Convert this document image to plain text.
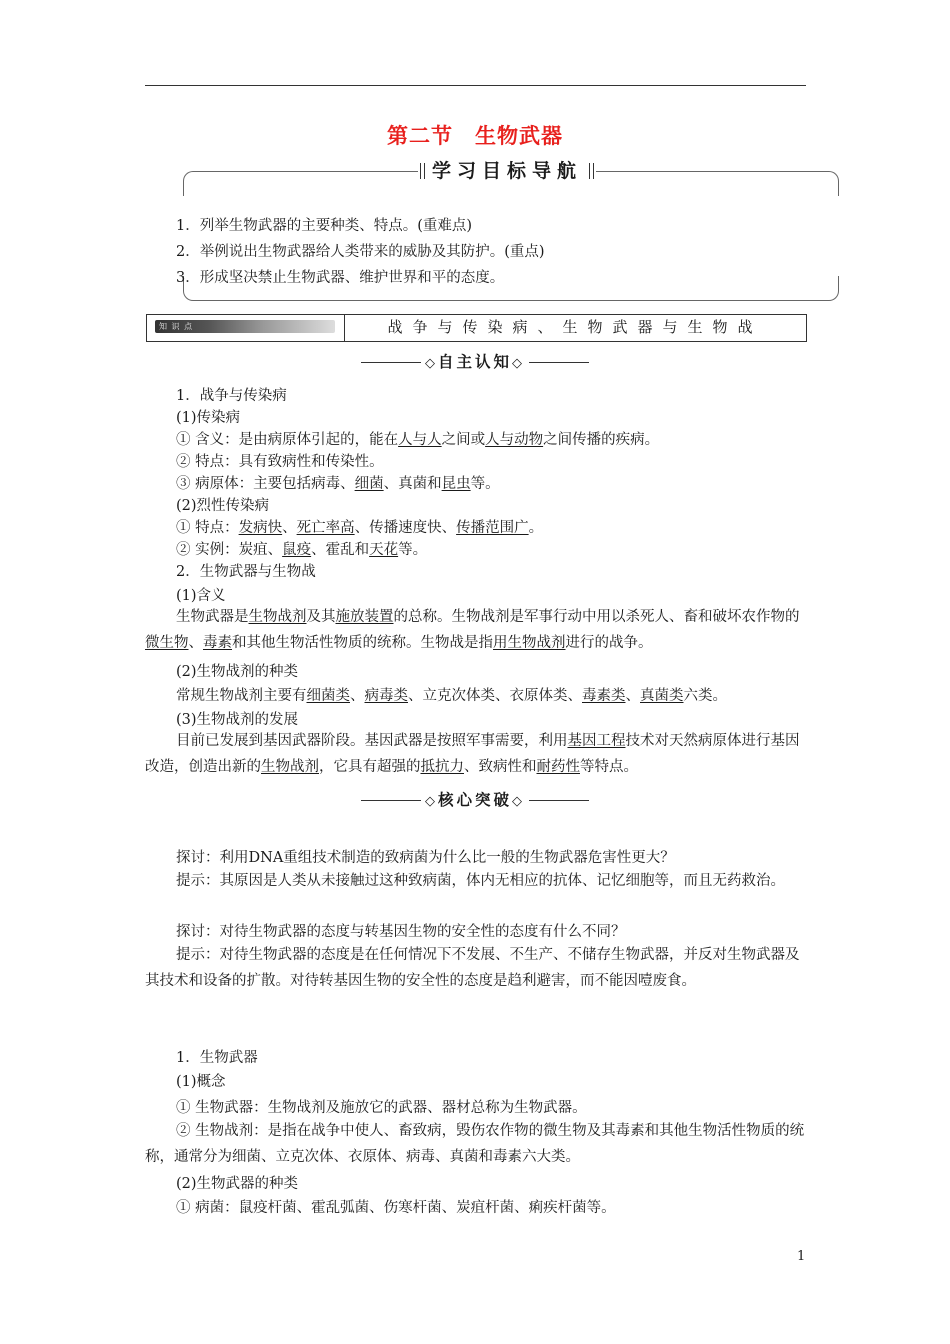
第二节　生物武器
学习目标导航
1．列举生物武器的主要种类、特点。(重难点)
2．举例说出生物武器给人类带来的威胁及其防护。(重点)
3．形成坚决禁止生物武器、维护世界和平的态度。
知 识 点	战争与传染病、生物武器与生物战
◇自主认知◇
1．战争与传染病
(1)传染病
① 含义：是由病原体引起的，能在人与人之间或人与动物之间传播的疾病。
② 特点：具有致病性和传染性。
③ 病原体：主要包括病毒、细菌、真菌和昆虫等。
(2)烈性传染病
① 特点：发病快、死亡率高、传播速度快、传播范围广。
② 实例：炭疽、鼠疫、霍乱和天花等。
2．生物武器与生物战
(1)含义
生物武器是生物战剂及其施放装置的总称。生物战剂是军事行动中用以杀死人、畜和破坏农作物的微生物、毒素和其他生物活性物质的统称。生物战是指用生物战剂进行的战争。
(2)生物战剂的种类
常规生物战剂主要有细菌类、病毒类、立克次体类、衣原体类、毒素类、真菌类六类。
(3)生物战剂的发展
目前已发展到基因武器阶段。基因武器是按照军事需要，利用基因工程技术对天然病原体进行基因改造，创造出新的生物战剂，它具有超强的抵抗力、致病性和耐药性等特点。
◇核心突破◇
探讨：利用DNA重组技术制造的致病菌为什么比一般的生物武器危害性更大？
提示：其原因是人类从未接触过这种致病菌，体内无相应的抗体、记忆细胞等，而且无药救治。
探讨：对待生物武器的态度与转基因生物的安全性的态度有什么不同？
提示：对待生物武器的态度是在任何情况下不发展、不生产、不储存生物武器，并反对生物武器及其技术和设备的扩散。对待转基因生物的安全性的态度是趋利避害，而不能因噎废食。
1．生物武器
(1)概念
① 生物武器：生物战剂及施放它的武器、器材总称为生物武器。
② 生物战剂：是指在战争中使人、畜致病，毁伤农作物的微生物及其毒素和其他生物活性物质的统称，通常分为细菌、立克次体、衣原体、病毒、真菌和毒素六大类。
(2)生物武器的种类
① 病菌：鼠疫杆菌、霍乱弧菌、伤寒杆菌、炭疽杆菌、痢疾杆菌等。
1
